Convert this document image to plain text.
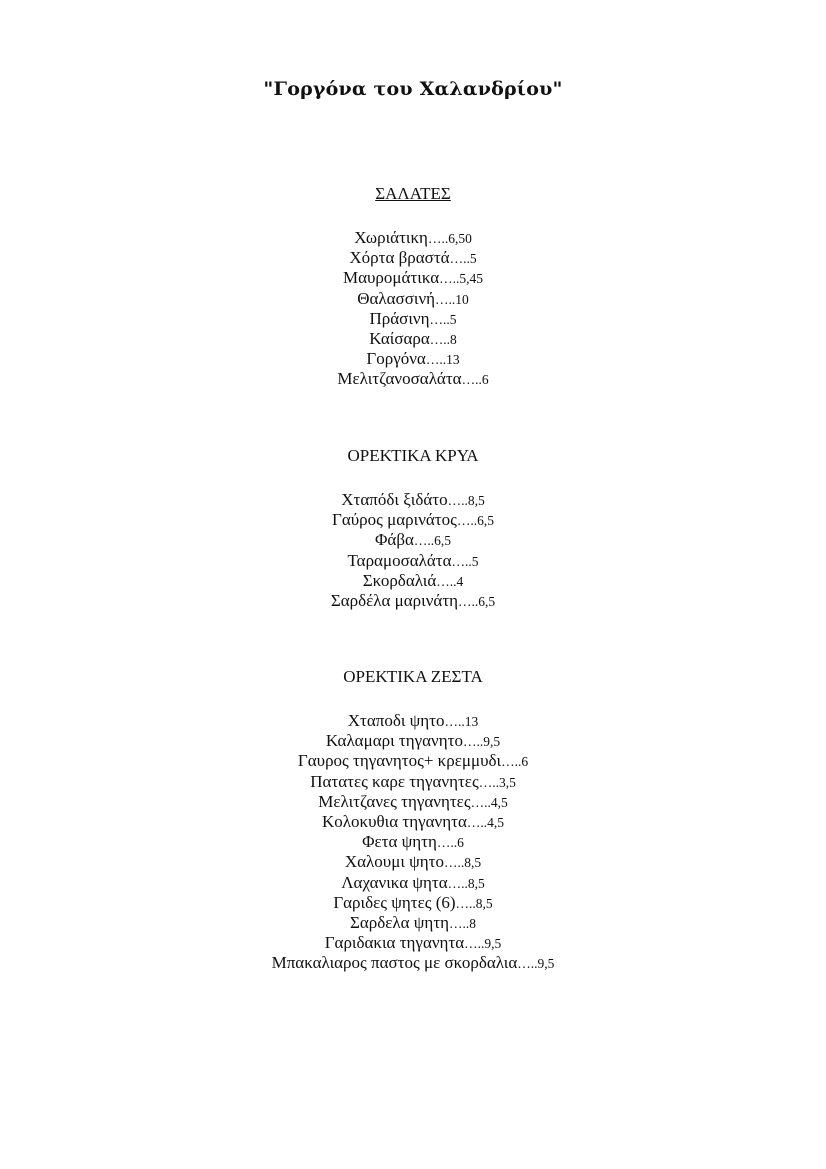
"Γοργόνα του Χαλανδρίου"
ΣΑΛΑΤΕΣ
Χωριάτικη…..6,50
Χόρτα βραστά…..5
Μαυρομάτικα…..5,45
Θαλασσινή…..10
Πράσινη…..5
Καίσαρα…..8
Γοργόνα…..13
Μελιτζανοσαλάτα…..6
ΟΡΕΚΤΙΚΑ ΚΡΥΑ
Χταπόδι ξιδάτο…..8,5
Γαύρος μαρινάτος…..6,5
Φάβα…..6,5
Ταραμοσαλάτα…..5
Σκορδαλιά…..4
Σαρδέλα μαρινάτη…..6,5
ΟΡΕΚΤΙΚΑ ΖΕΣΤΑ
Χταποδι ψητο…..13
Καλαμαρι τηγανητο…..9,5
Γαυρος τηγανητος+ κρεμμυδι…..6
Πατατες καρε τηγανητες…..3,5
Μελιτζανες τηγανητες…..4,5
Κολοκυθια τηγανητα…..4,5
Φετα ψητη…..6
Χαλουμι ψητο…..8,5
Λαχανικα ψητα…..8,5
Γαριδες ψητες (6)…..8,5
Σαρδελα ψητη…..8
Γαριδακια τηγανητα…..9,5
Μπακαλιαρος παστος με σκορδαλια…..9,5
